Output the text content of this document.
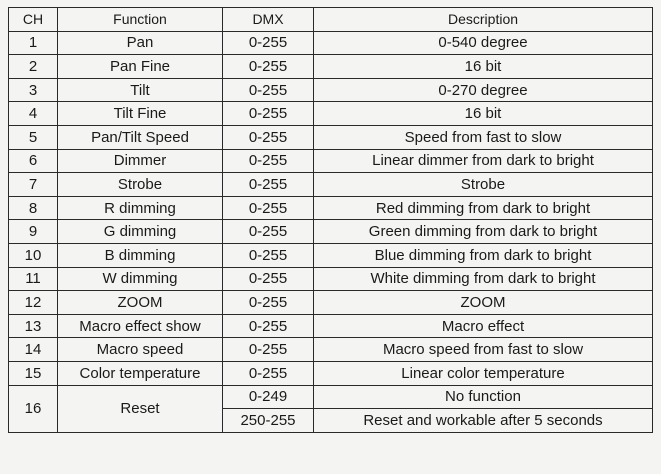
CH	Function	DMX	Description
1	Pan	0-255	0-540 degree
2	Pan Fine	0-255	16 bit
3	Tilt	0-255	0-270 degree
4	Tilt Fine	0-255	16 bit
5	Pan/Tilt Speed	0-255	Speed from fast to slow
6	Dimmer	0-255	Linear dimmer from dark to bright
7	Strobe	0-255	Strobe
8	R dimming	0-255	Red dimming from dark to bright
9	G dimming	0-255	Green dimming from dark to bright
10	B dimming	0-255	Blue dimming from dark to bright
11	W dimming	0-255	White dimming from dark to bright
12	ZOOM	0-255	ZOOM
13	Macro effect show	0-255	Macro effect
14	Macro speed	0-255	Macro speed from fast to slow
15	Color temperature	0-255	Linear color temperature
16	Reset	0-249	No function
		250-255	Reset and workable after 5 seconds
